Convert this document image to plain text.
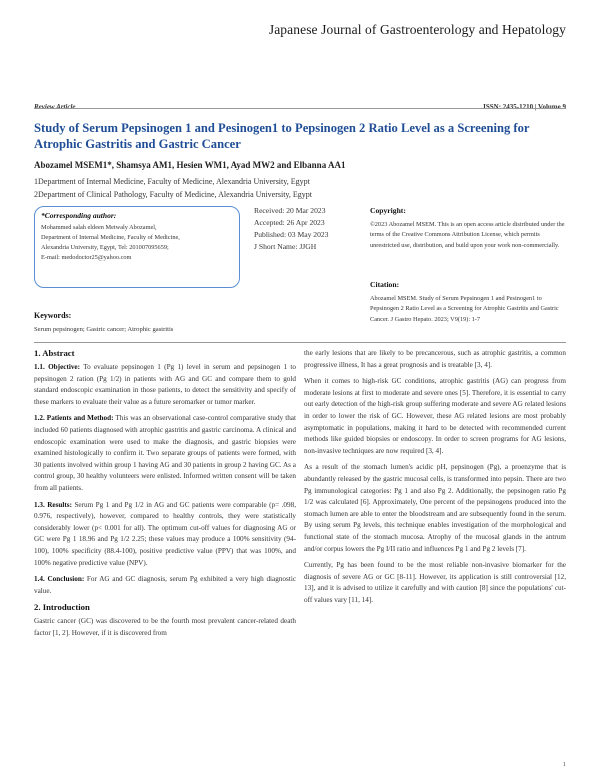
Japanese Journal of Gastroenterology and Hepatology
Review Article	ISSN: 2435-1210 | Volume 9
Study of Serum Pepsinogen 1 and Pesinogen1 to Pepsinogen 2 Ratio Level as a Screening for Atrophic Gastritis and Gastric Cancer
Abozamel MSEM1*, Shamsya AM1, Hesien WM1, Ayad MW2 and Elbanna AA1
1Department of Internal Medicine, Faculty of Medicine, Alexandria University, Egypt
2Department of Clinical Pathology, Faculty of Medicine, Alexandria University, Egypt
*Corresponding author:
Mohammed salah eldeen Metwaly Abozamel,
Department of Internal Medicine, Faculty of Medicine,
Alexandria University, Egypt, Tel: 201007095659;
E-mail: medodoctor25@yahoo.com
Received: 20 Mar 2023
Accepted: 26 Apr 2023
Published: 03 May 2023
J Short Name: JJGH
Copyright:
©2023 Abozamel MSEM. This is an open access article distributed under the terms of the Creative Commons Attribution License, which permits unrestricted use, distribution, and build upon your work non-commercially.
Citation:
Abozamel MSEM. Study of Serum Pepsinogen 1 and Pesinogen1 to Pepsinogen 2 Ratio Level as a Screening for Atrophic Gastritis and Gastric Cancer. J Gastro Hepato. 2023; V9(19): 1-7
Keywords:
Serum pepsinogen; Gastric cancer; Atrophic gastritis
1. Abstract

1.1. Objective: To evaluate pepsinogen 1 (Pg 1) level in serum and pepsinogen 1 to pepsinogen 2 ration (Pg 1/2) in patients with AG and GC and compare them to gold standard endoscopic examination in those patients, to detect the sensitivity and specify of these markers to evaluate their value as a future seromarker or tumor marker.

1.2. Patients and Method: This was an observational case-control comparative study that included 60 patients diagnosed with atrophic gastritis and gastric carcinoma. A clinical and endoscopic examination were used to make the diagnosis, and gastric biopsies were examined histologically to confirm it. Two separate groups of patients were formed, with 30 patients involved within group 1 having AG and 30 patients in group 2 having GC. As a control group, 30 healthy volunteers were enlisted. Informed written consent will be taken from all patients.

1.3. Results: Serum Pg 1 and Pg 1/2 in AG and GC patients were comparable (p= .098, 0.976, respectively), however, compared to healthy controls, they were statistically considerably lower (p< 0.001 for all). The optimum cut-off values for diagnosing AG or GC were Pg 1 18.96 and Pg 1/2 2.25; these values may produce a 100% sensitivity (94-100), 100% specificity (88.4-100), positive predictive value (PPV) that was 100%, and 100% negative predictive value (NPV).

1.4. Conclusion: For AG and GC diagnosis, serum Pg exhibited a very high diagnostic value.

2. Introduction

Gastric cancer (GC) was discovered to be the fourth most prevalent cancer-related death factor [1, 2]. However, if it is discovered from

the early lesions that are likely to be precancerous, such as atrophic gastritis, a common progressive illness, It has a great prognosis and is treatable [3, 4].

When it comes to high-risk GC conditions, atrophic gastritis (AG) can progress from moderate lesions at first to moderate and severe ones [5]. Therefore, it is essential to carry out early detection of the high-risk group suffering moderate and severe AG related lesions in order to lower the risk of GC. However, these AG related lesions are most probably asymptomatic in populations, making it hard to be detected with recommended current methods like guided biopsies or endoscopy. In order to screen programs for AG lesions, non-invasive techniques are now required [3, 4].

As a result of the stomach lumen's acidic pH, pepsinogen (Pg), a proenzyme that is abundantly released by the gastric mucosal cells, is transformed into pepsin. There are two Pg immunological categories: Pg 1 and also Pg 2. Additionally, the pepsinogen ratio Pg 1/2 was calculated [6]. Approximately, One percent of the pepsinogens produced into the stomach lumen are able to enter the bloodstream and are subsequently found in the serum. By using serum Pg levels, this technique enables investigation of the morphological and functional state of the stomach mucosa. Atrophy of the mucosal glands in the antrum and/or corpus lowers the Pg I/II ratio and influences Pg 1 and Pg 2 levels [7].

Currently, Pg has been found to be the most reliable non-invasive biomarker for the diagnosis of severe AG or GC [8-11]. However, its application is still controversial [12, 13], and it is advised to utilize it carefully and with caution [8] since the populations' cut-off values vary [11, 14].

1
